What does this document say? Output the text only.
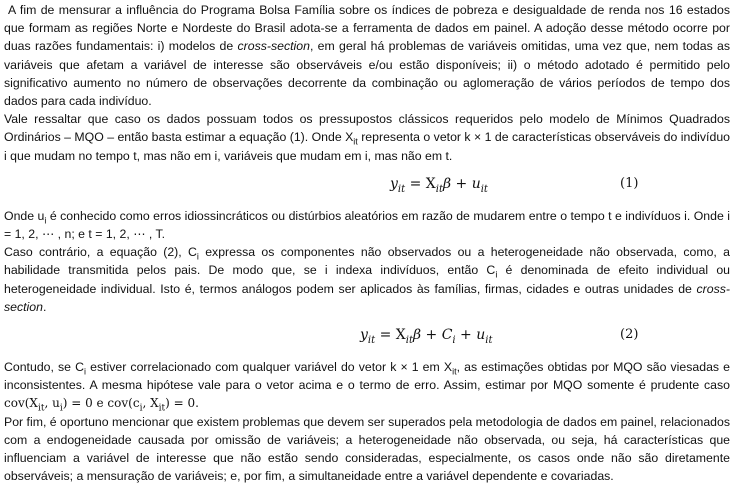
A fim de mensurar a influência do Programa Bolsa Família sobre os índices de pobreza e desigualdade de renda nos 16 estados que formam as regiões Norte e Nordeste do Brasil adota-se a ferramenta de dados em painel. A adoção desse método ocorre por duas razões fundamentais: i) modelos de cross-section, em geral há problemas de variáveis omitidas, uma vez que, nem todas as variáveis que afetam a variável de interesse são observáveis e/ou estão disponíveis; ii) o método adotado é permitido pelo significativo aumento no número de observações decorrente da combinação ou aglomeração de vários períodos de tempo dos dados para cada indivíduo.

Vale ressaltar que caso os dados possuam todos os pressupostos clássicos requeridos pelo modelo de Mínimos Quadrados Ordinários – MQO – então basta estimar a equação (1). Onde $X_{it}$ representa o vetor k × 1 de características observáveis do indivíduo i que mudam no tempo t, mas não em i, variáveis que mudam em i, mas não em t.

$y_{it} = X_{it}\beta + u_{it}$	(1)

Onde $u_i$ é conhecido como erros idiossincráticos ou distúrbios aleatórios em razão de mudarem entre o tempo t e indivíduos i. Onde i = 1, 2, ⋯ , n; e t = 1, 2, ⋯ , T.

Caso contrário, a equação (2), $C_i$ expressa os componentes não observados ou a heterogeneidade não observada, como, a habilidade transmitida pelos pais. De modo que, se i indexa indivíduos, então $C_i$ é denominada de efeito individual ou heterogeneidade individual. Isto é, termos análogos podem ser aplicados às famílias, firmas, cidades e outras unidades de cross-section.

$y_{it} = X_{it}\beta + C_i + u_{it}$	(2)

Contudo, se $C_i$ estiver correlacionado com qualquer variável do vetor k × 1 em $X_{it}$, as estimações obtidas por MQO são viesadas e inconsistentes. A mesma hipótese vale para o vetor acima e o termo de erro. Assim, estimar por MQO somente é prudente caso $cov(X_{it}$, $u_i) = 0$ e $cov(c_i$, $X_{it}) = 0$.

Por fim, é oportuno mencionar que existem problemas que devem ser superados pela metodologia de dados em painel, relacionados com a endogeneidade causada por omissão de variáveis; a heterogeneidade não observada, ou seja, há características que influenciam a variável de interesse que não estão sendo consideradas, especialmente, os casos onde não são diretamente observáveis; a mensuração de variáveis; e, por fim, a simultaneidade entre a variável dependente e covariadas.
